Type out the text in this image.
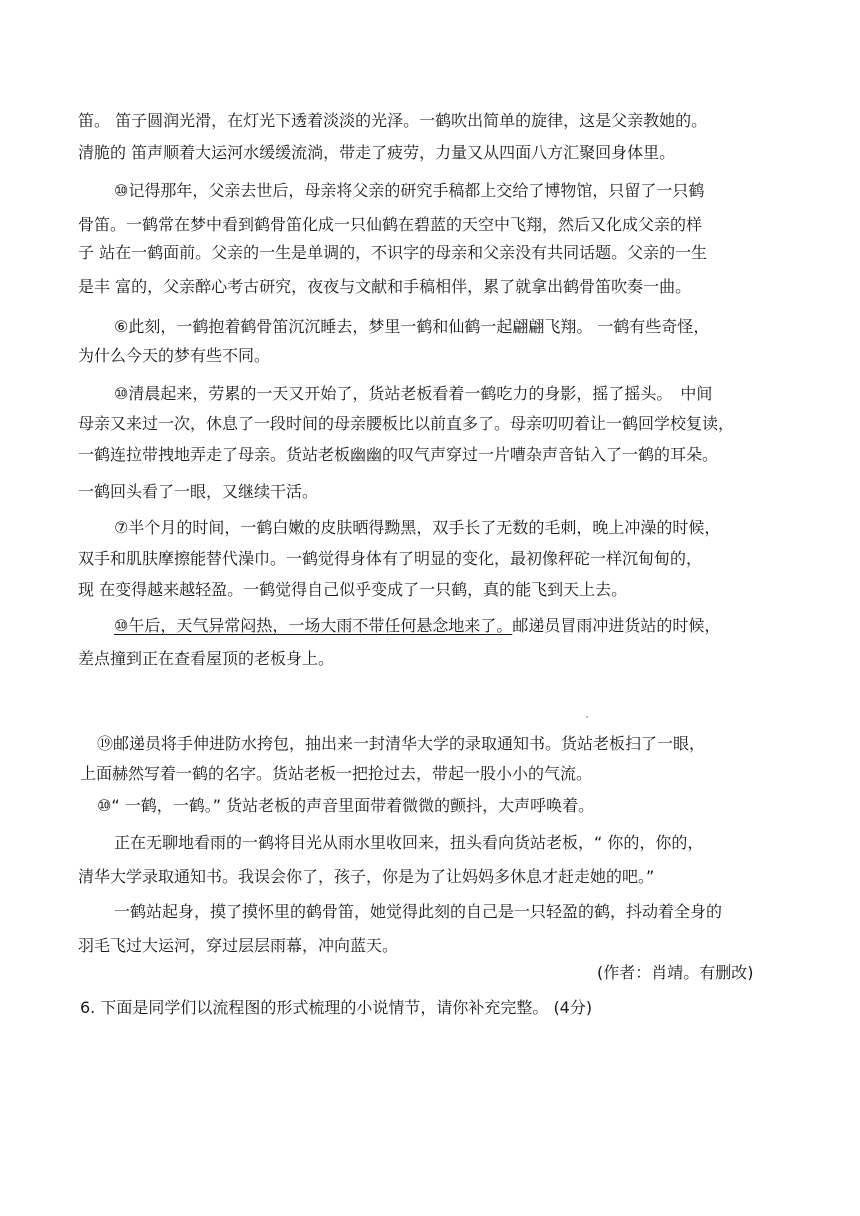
笛。 笛子圆润光滑，在灯光下透着淡淡的光泽。一鹤吹出简单的旋律，这是父亲教她的。
清脆的 笛声顺着大运河水缓缓流淌，带走了疲劳，力量又从四面八方汇聚回身体里。
⑩记得那年，父亲去世后，母亲将父亲的研究手稿都上交给了博物馆，只留了一只鹤
骨笛。一鹤常在梦中看到鹤骨笛化成一只仙鹤在碧蓝的天空中飞翔，然后又化成父亲的样
子 站在一鹤面前。父亲的一生是单调的，不识字的母亲和父亲没有共同话题。父亲的一生
是丰 富的，父亲醉心考古研究，夜夜与文献和手稿相伴，累了就拿出鹤骨笛吹奏一曲。
⑥此刻，一鹤抱着鹤骨笛沉沉睡去，梦里一鹤和仙鹤一起翩翩飞翔。 一鹤有些奇怪，
为什么今天的梦有些不同。
⑩清晨起来，劳累的一天又开始了，货站老板看着一鹤吃力的身影，摇了摇头。　中间
母亲又来过一次，休息了一段时间的母亲腰板比以前直多了。母亲叨叨着让一鹤回学校复读，
一鹤连拉带拽地弄走了母亲。货站老板幽幽的叹气声穿过一片嘈杂声音钻入了一鹤的耳朵。
一鹤回头看了一眼，又继续干活。
⑦半个月的时间，一鹤白嫩的皮肤晒得黝黑，双手长了无数的毛刺，晚上冲澡的时候，
双手和肌肤摩擦能替代澡巾。一鹤觉得身体有了明显的变化，最初像秤砣一样沉甸甸的，
现 在变得越来越轻盈。一鹤觉得自己似乎变成了一只鹤，真的能飞到天上去。
⑩午后，天气异常闷热，一场大雨不带任何悬念地来了。邮递员冒雨冲进货站的时候，
差点撞到正在查看屋顶的老板身上。
⑲邮递员将手伸进防水挎包，抽出来一封清华大学的录取通知书。货站老板扫了一眼，
上面赫然写着一鹤的名字。货站老板一把抢过去，带起一股小小的气流。
⑩“ 一鹤，一鹤。” 货站老板的声音里面带着微微的颤抖，大声呼唤着。
正在无聊地看雨的一鹤将目光从雨水里收回来，扭头看向货站老板，“ 你的，你的，
清华大学录取通知书。我误会你了，孩子，你是为了让妈妈多休息才赶走她的吧。”
一鹤站起身，摸了摸怀里的鹤骨笛，她觉得此刻的自己是一只轻盈的鹤，抖动着全身的
羽毛飞过大运河，穿过层层雨幕，冲向蓝天。
(作者：肖靖。有删改)
6. 下面是同学们以流程图的形式梳理的小说情节，请你补充完整。 (4分)
